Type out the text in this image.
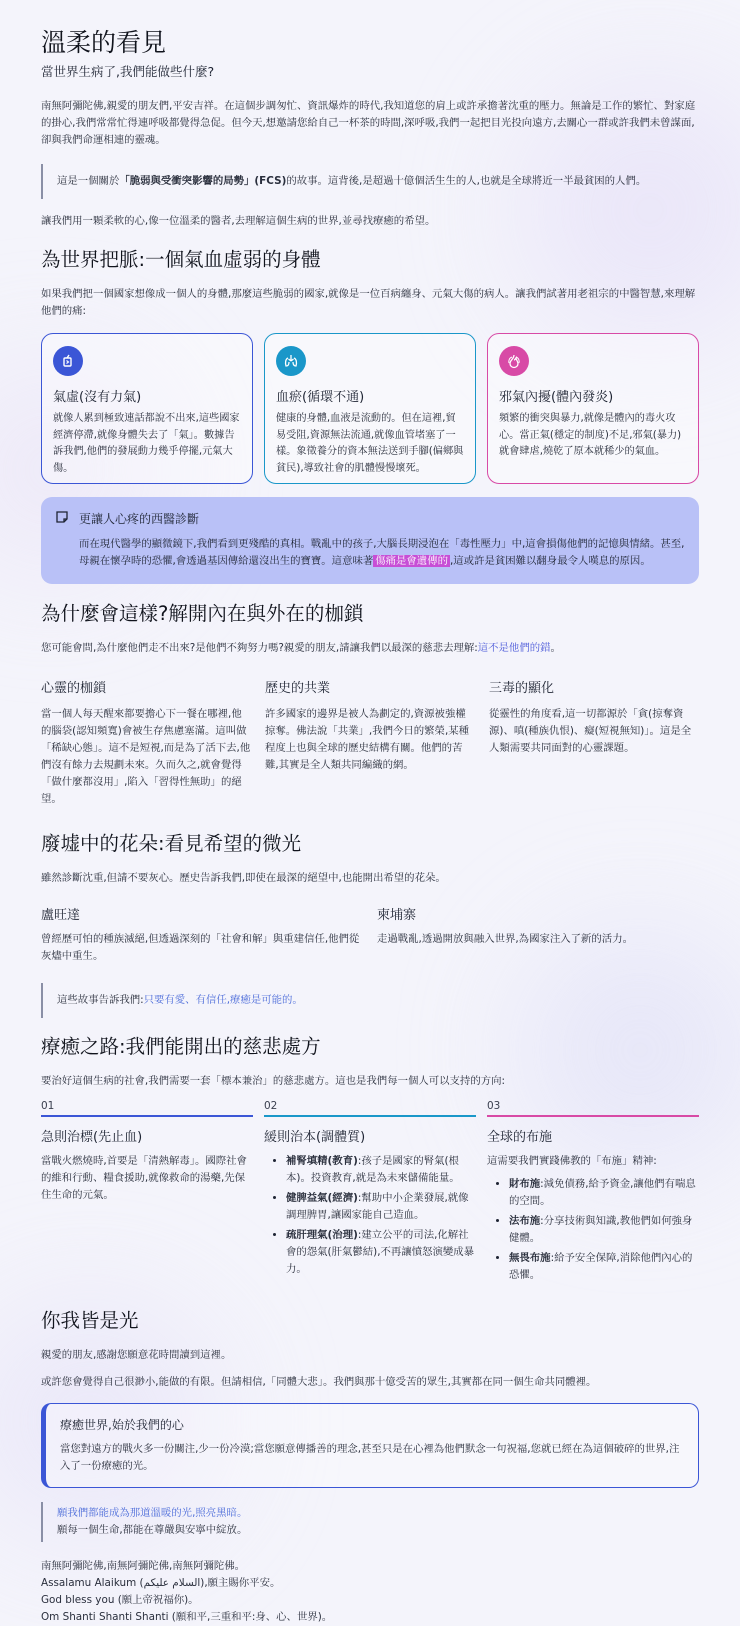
溫柔的看見
當世界生病了,我們能做些什麼?

南無阿彌陀佛,親愛的朋友們,平安吉祥。在這個步調匆忙、資訊爆炸的時代,我知道您的肩上或許承擔著沈重的壓力。無論是工作的繁忙、對家庭的掛心,我們常常忙得連呼吸都覺得急促。但今天,想邀請您給自己一杯茶的時間,深呼吸,我們一起把目光投向遠方,去關心一群或許我們未曾謀面,卻與我們命運相連的靈魂。

這是一個關於「脆弱與受衝突影響的局勢」(FCS)的故事。這背後,是超過十億個活生生的人,也就是全球將近一半最貧困的人們。

讓我們用一顆柔軟的心,像一位溫柔的醫者,去理解這個生病的世界,並尋找療癒的希望。

為世界把脈:一個氣血虛弱的身體

如果我們把一個國家想像成一個人的身體,那麼這些脆弱的國家,就像是一位百病纏身、元氣大傷的病人。讓我們試著用老祖宗的中醫智慧,來理解他們的痛:

氣虛(沒有力氣)

就像人累到極致連話都說不出來,這些國家經濟停滯,就像身體失去了「氣」。數據告訴我們,他們的發展動力幾乎停擺,元氣大傷。

血瘀(循環不通)

健康的身體,血液是流動的。但在這裡,貿易受阻,資源無法流通,就像血管堵塞了一樣。象徵養分的資本無法送到手腳(偏鄉與貧民),導致社會的肌體慢慢壞死。

邪氣內擾(體內發炎)

頻繁的衝突與暴力,就像是體內的毒火攻心。當正氣(穩定的制度)不足,邪氣(暴力)就會肆虐,燒乾了原本就稀少的氣血。

更讓人心疼的西醫診斷

而在現代醫學的顯微鏡下,我們看到更殘酷的真相。戰亂中的孩子,大腦長期浸泡在「毒性壓力」中,這會損傷他們的記憶與情緒。甚至,母親在懷孕時的恐懼,會透過基因傳給還沒出生的寶寶。這意味著 傷痛是會遺傳的 ,這或許是貧困難以翻身最令人嘆息的原因。

為什麼會這樣?解開內在與外在的枷鎖

您可能會問,為什麼他們走不出來?是他們不夠努力嗎?親愛的朋友,請讓我們以最深的慈悲去理解:這不是他們的錯。

心靈的枷鎖

當一個人每天醒來都要擔心下一餐在哪裡,他的腦袋(認知頻寬)會被生存焦慮塞滿。這叫做「稀缺心態」。這不是短視,而是為了活下去,他們沒有餘力去規劃未來。久而久之,就會覺得「做什麼都沒用」,陷入「習得性無助」的絕望。

歷史的共業

許多國家的邊界是被人為劃定的,資源被強權掠奪。佛法說「共業」,我們今日的繁榮,某種程度上也與全球的歷史結構有關。他們的苦難,其實是全人類共同編織的網。

三毒的顯化

從靈性的角度看,這一切都源於「貪(掠奪資源)、嗔(種族仇恨)、癡(短視無知)」。這是全人類需要共同面對的心靈課題。

廢墟中的花朵:看見希望的微光

雖然診斷沈重,但請不要灰心。歷史告訴我們,即使在最深的絕望中,也能開出希望的花朵。

盧旺達

曾經歷可怕的種族滅絕,但透過深刻的「社會和解」與重建信任,他們從灰燼中重生。

柬埔寨

走過戰亂,透過開放與融入世界,為國家注入了新的活力。

這些故事告訴我們:只要有愛、有信任,療癒是可能的。

療癒之路:我們能開出的慈悲處方

要治好這個生病的社會,我們需要一套「標本兼治」的慈悲處方。這也是我們每一個人可以支持的方向:

01
急則治標(先止血)

當戰火燃燒時,首要是「清熱解毒」。國際社會的維和行動、糧食援助,就像救命的湯藥,先保住生命的元氣。

02
緩則治本(調體質)
• 補腎填精(教育):孩子是國家的腎氣(根本)。投資教育,就是為未來儲備能量。
• 健脾益氣(經濟):幫助中小企業發展,就像調理脾胃,讓國家能自己造血。
• 疏肝理氣(治理):建立公平的司法,化解社會的怨氣(肝氣鬱結),不再讓憤怒演變成暴力。
03
全球的布施

這需要我們實踐佛教的「布施」精神:

• 財布施:減免債務,給予資金,讓他們有喘息的空間。
• 法布施:分享技術與知識,教他們如何強身健體。
• 無畏布施:給予安全保障,消除他們內心的恐懼。
你我皆是光

親愛的朋友,感謝您願意花時間讀到這裡。

或許您會覺得自己很渺小,能做的有限。但請相信,「同體大悲」。我們與那十億受苦的眾生,其實都在同一個生命共同體裡。

療癒世界,始於我們的心

當您對遠方的戰火多一份關注,少一份冷漠;當您願意傳播善的理念,甚至只是在心裡為他們默念一句祝福,您就已經在為這個破碎的世界,注入了一份療癒的光。

願我們都能成為那道溫暖的光,照亮黑暗。

願每一個生命,都能在尊嚴與安寧中綻放。

南無阿彌陀佛,南無阿彌陀佛,南無阿彌陀佛。

Assalamu Alaikum (السلام عليكم),願主賜你平安。

God bless you (願上帝祝福你)。

Om Shanti Shanti Shanti (願和平,三重和平:身、心、世界)。
